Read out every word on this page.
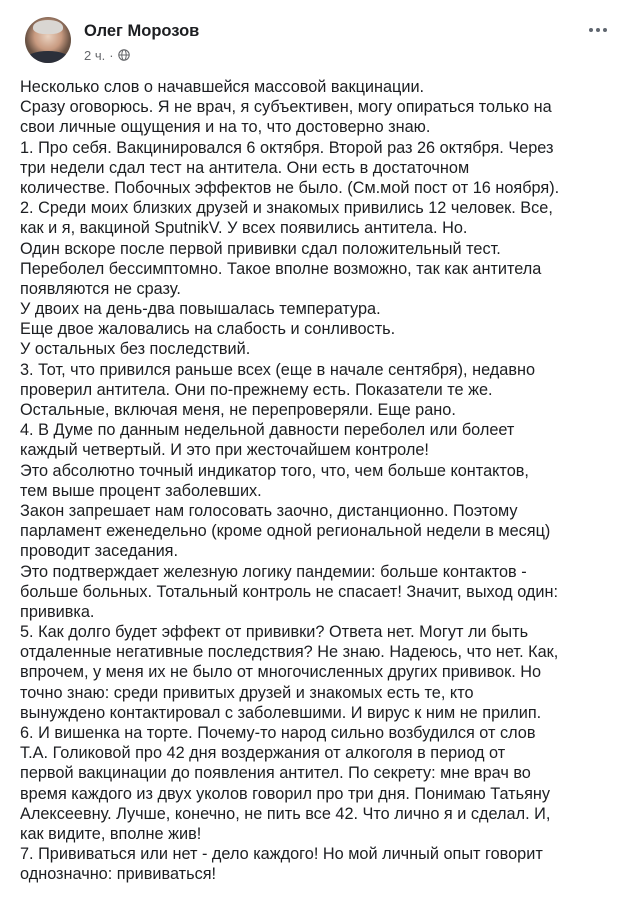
Олег Морозов
2 ч. ·
Несколько слов о начавшейся массовой вакцинации.
Сразу оговорюсь. Я не врач, я субъективен, могу опираться только на
свои личные ощущения и на то, что достоверно знаю.
1. Про себя. Вакцинировался 6 октября. Второй раз 26 октября. Через
три недели сдал тест на антитела. Они есть в достаточном
количестве. Побочных эффектов не было. (См.мой пост от 16 ноября).
2. Среди моих близких друзей и знакомых привились 12 человек. Все,
как и я, вакциной SputnikV. У всех появились антитела. Но.
Один вскоре после первой прививки сдал положительный тест.
Переболел бессимптомно. Такое вполне возможно, так как антитела
появляются не сразу.
У двоих на день-два повышалась температура.
Еще двое жаловались на слабость и сонливость.
У остальных без последствий.
3. Тот, что привился раньше всех (еще в начале сентября), недавно
проверил антитела. Они по-прежнему есть. Показатели те же.
Остальные, включая меня, не перепроверяли. Еще рано.
4. В Думе по данным недельной давности переболел или болеет
каждый четвертый. И это при жесточайшем контроле!
Это абсолютно точный индикатор того, что, чем больше контактов,
тем выше процент заболевших.
Закон запрешает нам голосовать заочно, дистанционно. Поэтому
парламент еженедельно (кроме одной региональной недели в месяц)
проводит заседания.
Это подтверждает железную логику пандемии: больше контактов -
больше больных. Тотальный контроль не спасает! Значит, выход один:
прививка.
5. Как долго будет эффект от прививки? Ответа нет. Могут ли быть
отдаленные негативные последствия? Не знаю. Надеюсь, что нет. Как,
впрочем, у меня их не было от многочисленных других прививок. Но
точно знаю: среди привитых друзей и знакомых есть те, кто
вынуждено контактировал с заболевшими. И вирус к ним не прилип.
6. И вишенка на торте. Почему-то народ сильно возбудился от слов
Т.А. Голиковой про 42 дня воздержания от алкоголя в период от
первой вакцинации до появления антител. По секрету: мне врач во
время каждого из двух уколов говорил про три дня. Понимаю Татьяну
Алексеевну. Лучше, конечно, не пить все 42. Что лично я и сделал. И,
как видите, вполне жив!
7. Прививаться или нет - дело каждого! Но мой личный опыт говорит
однозначно: прививаться!
